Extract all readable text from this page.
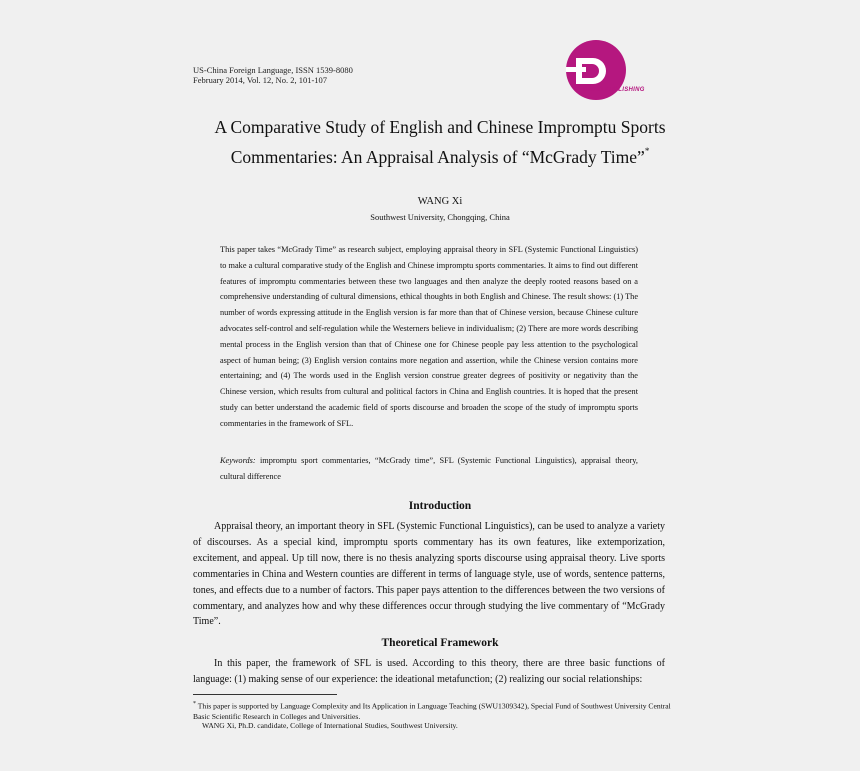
US-China Foreign Language, ISSN 1539-8080
February 2014, Vol. 12, No. 2, 101-107
DAVID PUBLISHING
A Comparative Study of English and Chinese Impromptu Sports
Commentaries: An Appraisal Analysis of “McGrady Time”*
WANG Xi
Southwest University, Chongqing, China
This paper takes “McGrady Time” as research subject, employing appraisal theory in SFL (Systemic Functional Linguistics) to make a cultural comparative study of the English and Chinese impromptu sports commentaries. It aims to find out different features of impromptu commentaries between these two languages and then analyze the deeply rooted reasons based on a comprehensive understanding of cultural dimensions, ethical thoughts in both English and Chinese. The result shows: (1) The number of words expressing attitude in the English version is far more than that of Chinese version, because Chinese culture advocates self-control and self-regulation while the Westerners believe in individualism; (2) There are more words describing mental process in the English version than that of Chinese one for Chinese people pay less attention to the psychological aspect of human being; (3) English version contains more negation and assertion, while the Chinese version contains more entertaining; and (4) The words used in the English version construe greater degrees of positivity or negativity than the Chinese version, which results from cultural and political factors in China and English countries. It is hoped that the present study can better understand the academic field of sports discourse and broaden the scope of the study of impromptu sports commentaries in the framework of SFL.
Keywords: impromptu sport commentaries, “McGrady time”, SFL (Systemic Functional Linguistics), appraisal theory, cultural difference
Introduction
Appraisal theory, an important theory in SFL (Systemic Functional Linguistics), can be used to analyze a variety of discourses. As a special kind, impromptu sports commentary has its own features, like extemporization, excitement, and appeal. Up till now, there is no thesis analyzing sports discourse using appraisal theory. Live sports commentaries in China and Western counties are different in terms of language style, use of words, sentence patterns, tones, and effects due to a number of factors. This paper pays attention to the differences between the two versions of commentary, and analyzes how and why these differences occur through studying the live commentary of “McGrady Time”.
Theoretical Framework
In this paper, the framework of SFL is used. According to this theory, there are three basic functions of language: (1) making sense of our experience: the ideational metafunction; (2) realizing our social relationships:
* This paper is supported by Language Complexity and Its Application in Language Teaching (SWU1309342), Special Fund of Southwest University Central Basic Scientific Research in Colleges and Universities.
WANG Xi, Ph.D. candidate, College of International Studies, Southwest University.
